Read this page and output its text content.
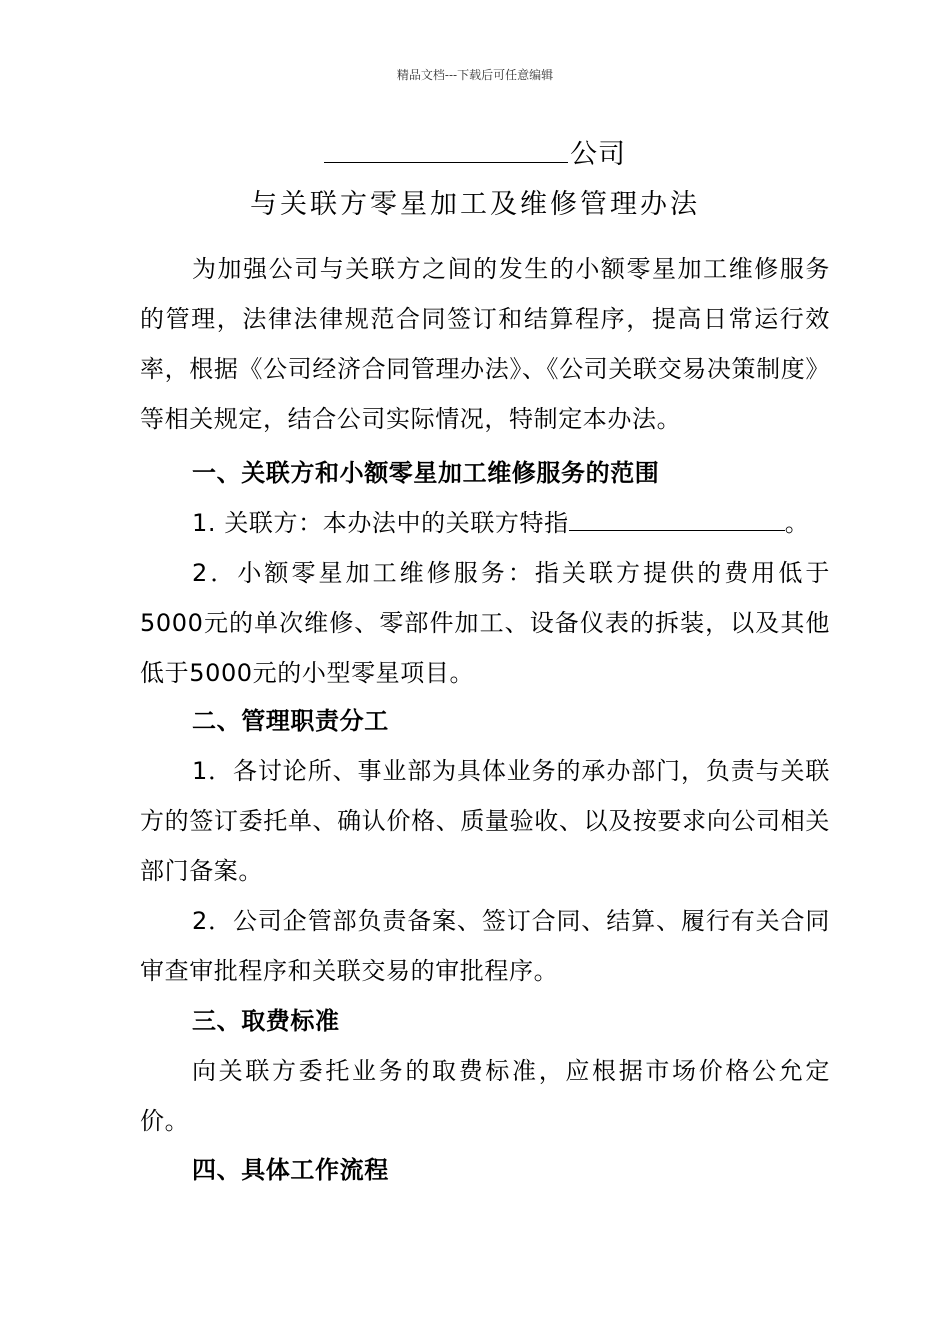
精品文档---下载后可任意编辑
公司
与关联方零星加工及维修管理办法

为加强公司与关联方之间的发生的小额零星加工维修服务的管理，法律法律规范合同签订和结算程序，提高日常运行效率，根据《公司经济合同管理办法》、《公司关联交易决策制度》等相关规定，结合公司实际情况，特制定本办法。

一、关联方和小额零星加工维修服务的范围

1. 关联方：本办法中的关联方特指	。

2．小额零星加工维修服务：指关联方提供的费用低于5000元的单次维修、零部件加工、设备仪表的拆装，以及其他低于5000元的小型零星项目。

二、管理职责分工

1．各讨论所、事业部为具体业务的承办部门，负责与关联方的签订委托单、确认价格、质量验收、以及按要求向公司相关部门备案。

2．公司企管部负责备案、签订合同、结算、履行有关合同审查审批程序和关联交易的审批程序。

三、取费标准

向关联方委托业务的取费标准，应根据市场价格公允定价。

四、具体工作流程
